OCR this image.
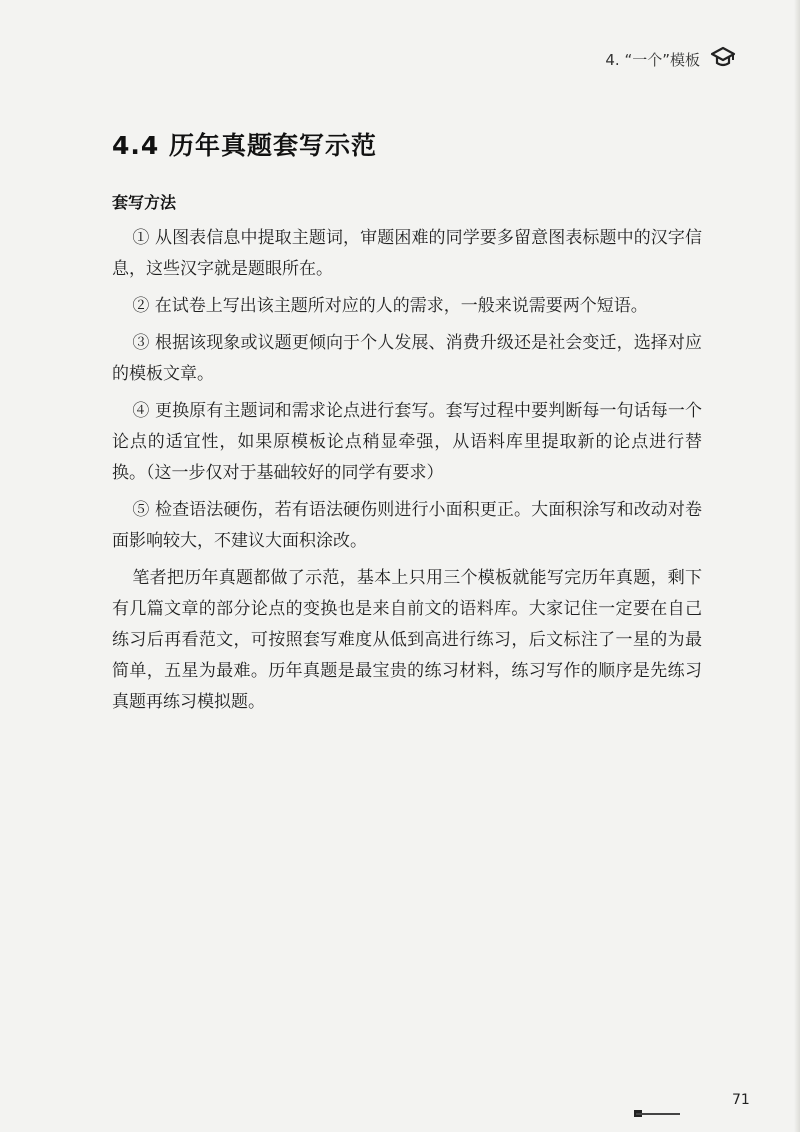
4. “一个”模板
4.4 历年真题套写示范

套写方法

① 从图表信息中提取主题词，审题困难的同学要多留意图表标题中的汉字信息，这些汉字就是题眼所在。

② 在试卷上写出该主题所对应的人的需求，一般来说需要两个短语。

③ 根据该现象或议题更倾向于个人发展、消费升级还是社会变迁，选择对应的模板文章。

④ 更换原有主题词和需求论点进行套写。套写过程中要判断每一句话每一个论点的适宜性，如果原模板论点稍显牵强，从语料库里提取新的论点进行替换。（这一步仅对于基础较好的同学有要求）

⑤ 检查语法硬伤，若有语法硬伤则进行小面积更正。大面积涂写和改动对卷面影响较大，不建议大面积涂改。

笔者把历年真题都做了示范，基本上只用三个模板就能写完历年真题，剩下有几篇文章的部分论点的变换也是来自前文的语料库。大家记住一定要在自己练习后再看范文，可按照套写难度从低到高进行练习，后文标注了一星的为最简单，五星为最难。历年真题是最宝贵的练习材料，练习写作的顺序是先练习真题再练习模拟题。

71
